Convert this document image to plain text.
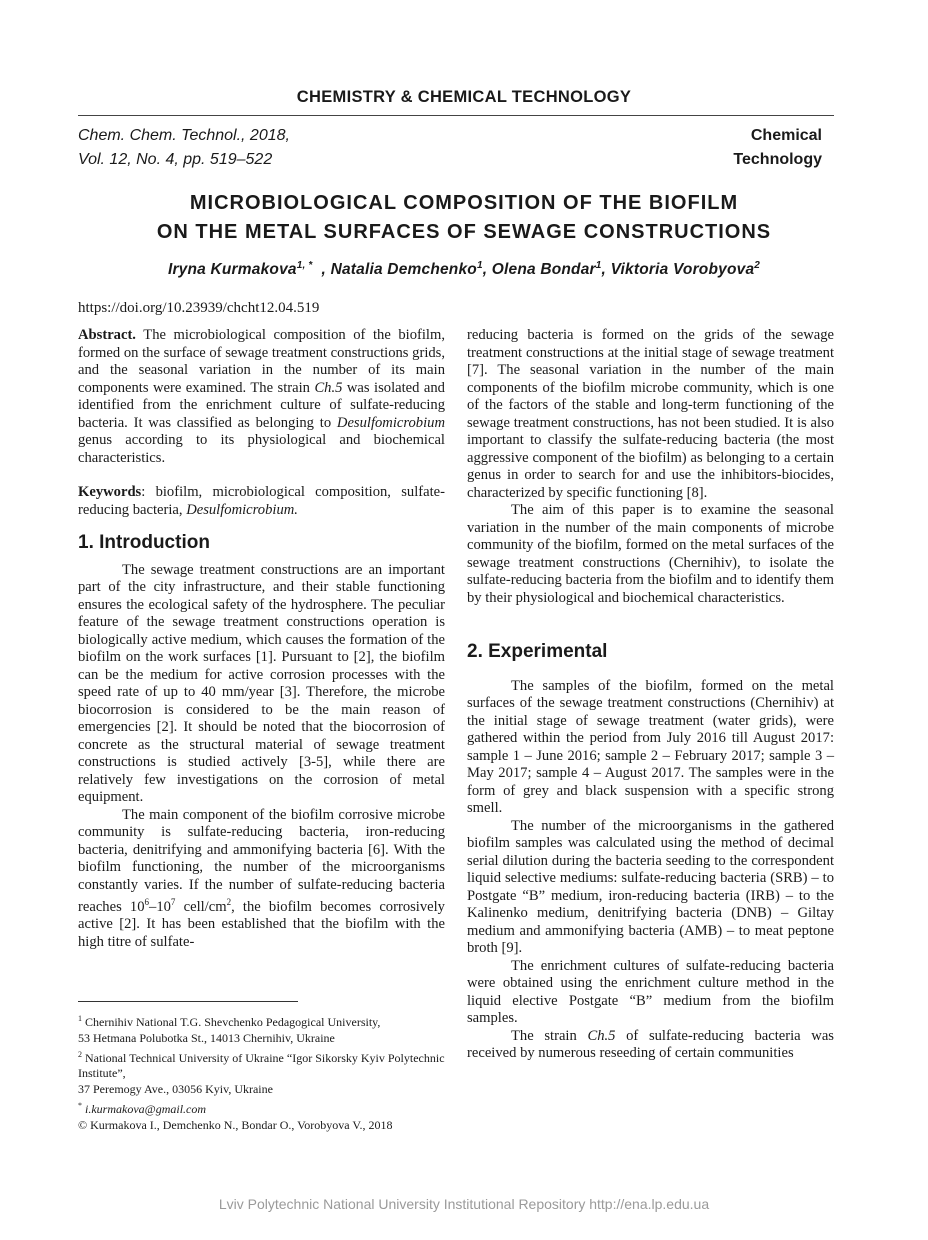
CHEMISTRY & CHEMICAL TECHNOLOGY
Chem. Chem. Technol., 2018,
Vol. 12, No. 4, pp. 519–522
Chemical
Technology
MICROBIOLOGICAL COMPOSITION OF THE BIOFILM
ON THE METAL SURFACES OF SEWAGE CONSTRUCTIONS
Iryna Kurmakova$^{1, *}$  , Natalia Demchenko$^1$, Olena Bondar$^1$, Viktoria Vorobyova$^2$
https://doi.org/10.23939/chcht12.04.519

Abstract. The microbiological composition of the biofilm, formed on the surface of sewage treatment constructions grids, and the seasonal variation in the number of its main components were examined. The strain Ch.5 was isolated and identified from the enrichment culture of sulfate-reducing bacteria. It was classified as belonging to Desulfomicrobium genus according to its physiological and biochemical characteristics.

Keywords: biofilm, microbiological composition, sulfate-reducing bacteria, Desulfomicrobium.

1. Introduction

The sewage treatment constructions are an important part of the city infrastructure, and their stable functioning ensures the ecological safety of the hydrosphere. The peculiar feature of the sewage treatment constructions operation is biologically active medium, which causes the formation of the biofilm on the work surfaces [1]. Pursuant to [2], the biofilm can be the medium for active corrosion processes with the speed rate of up to 40 mm/year [3]. Therefore, the microbe biocorrosion is considered to be the main reason of emergencies [2]. It should be noted that the biocorrosion of concrete as the structural material of sewage treatment constructions is studied actively [3-5], while there are relatively few investigations on the corrosion of metal equipment.

The main component of the biofilm corrosive microbe community is sulfate-reducing bacteria, iron-reducing bacteria, denitrifying and ammonifying bacteria [6]. With the biofilm functioning, the number of the microorganisms constantly varies. If the number of sulfate-reducing bacteria reaches $10^6-10^7$ cell/$cm^2$, the biofilm becomes corrosively active [2]. It has been established that the biofilm with the high titre of sulfate-

reducing bacteria is formed on the grids of the sewage treatment constructions at the initial stage of sewage treatment [7]. The seasonal variation in the number of the main components of the biofilm microbe community, which is one of the factors of the stable and long-term functioning of the sewage treatment constructions, has not been studied. It is also important to classify the sulfate-reducing bacteria (the most aggressive component of the biofilm) as belonging to a certain genus in order to search for and use the inhibitors-biocides, characterized by specific functioning [8].

The aim of this paper is to examine the seasonal variation in the number of the main components of microbe community of the biofilm, formed on the metal surfaces of the sewage treatment constructions (Chernihiv), to isolate the sulfate-reducing bacteria from the biofilm and to identify them by their physiological and biochemical characteristics.

2. Experimental

The samples of the biofilm, formed on the metal surfaces of the sewage treatment constructions (Chernihiv) at the initial stage of sewage treatment (water grids), were gathered within the period from July 2016 till August 2017: sample 1 – June 2016; sample 2 – February 2017; sample 3 – May 2017; sample 4 – August 2017. The samples were in the form of grey and black suspension with a specific strong smell.

The number of the microorganisms in the gathered biofilm samples was calculated using the method of decimal serial dilution during the bacteria seeding to the correspondent liquid selective mediums: sulfate-reducing bacteria (SRB) – to Postgate “B” medium, iron-reducing bacteria (IRB) – to the Kalinenko medium, denitrifying bacteria (DNB) – Giltay medium and ammonifying bacteria (AMB) – to meat peptone broth [9].

The enrichment cultures of sulfate-reducing bacteria were obtained using the enrichment culture method in the liquid elective Postgate “B” medium from the biofilm samples.

The strain Ch.5 of sulfate-reducing bacteria was received by numerous reseeding of certain communities

$^1$ Chernihiv National T.G. Shevchenko Pedagogical University,

53 Hetmana Polubotka St., 14013 Chernihiv, Ukraine

$^2$ National Technical University of Ukraine “Igor Sikorsky Kyiv Polytechnic Institute”,

37 Peremogy Ave., 03056 Kyiv, Ukraine

* i.kurmakova@gmail.com

© Kurmakova I., Demchenko N., Bondar O., Vorobyova V., 2018

Lviv Polytechnic National University Institutional Repository http://ena.lp.edu.ua
